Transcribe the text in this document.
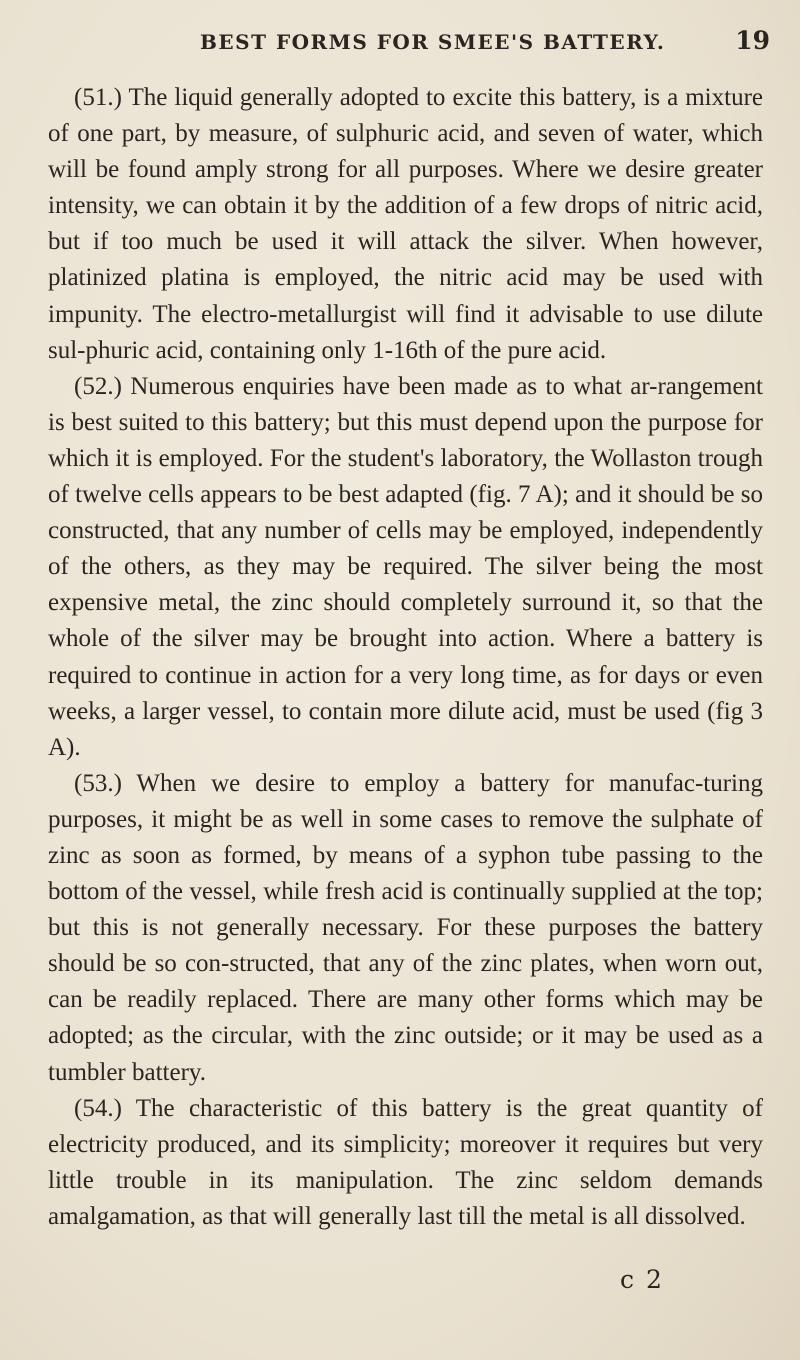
BEST FORMS FOR SMEE'S BATTERY.	19

(51.) The liquid generally adopted to excite this battery, is a mixture of one part, by measure, of sulphuric acid, and seven of water, which will be found amply strong for all purposes. Where we desire greater intensity, we can obtain it by the addition of a few drops of nitric acid, but if too much be used it will attack the silver. When however, platinized platina is employed, the nitric acid may be used with impunity. The electro-metallurgist will find it advisable to use dilute sul-phuric acid, containing only 1-16th of the pure acid.

(52.) Numerous enquiries have been made as to what ar-rangement is best suited to this battery; but this must depend upon the purpose for which it is employed. For the student's laboratory, the Wollaston trough of twelve cells appears to be best adapted (fig. 7 A); and it should be so constructed, that any number of cells may be employed, independently of the others, as they may be required. The silver being the most expensive metal, the zinc should completely surround it, so that the whole of the silver may be brought into action. Where a battery is required to continue in action for a very long time, as for days or even weeks, a larger vessel, to contain more dilute acid, must be used (fig 3 A).

(53.) When we desire to employ a battery for manufac-turing purposes, it might be as well in some cases to remove the sulphate of zinc as soon as formed, by means of a syphon tube passing to the bottom of the vessel, while fresh acid is continually supplied at the top; but this is not generally necessary. For these purposes the battery should be so con-structed, that any of the zinc plates, when worn out, can be readily replaced. There are many other forms which may be adopted; as the circular, with the zinc outside; or it may be used as a tumbler battery.

(54.) The characteristic of this battery is the great quantity of electricity produced, and its simplicity; moreover it requires but very little trouble in its manipulation. The zinc seldom demands amalgamation, as that will generally last till the metal is all dissolved.

c 2
